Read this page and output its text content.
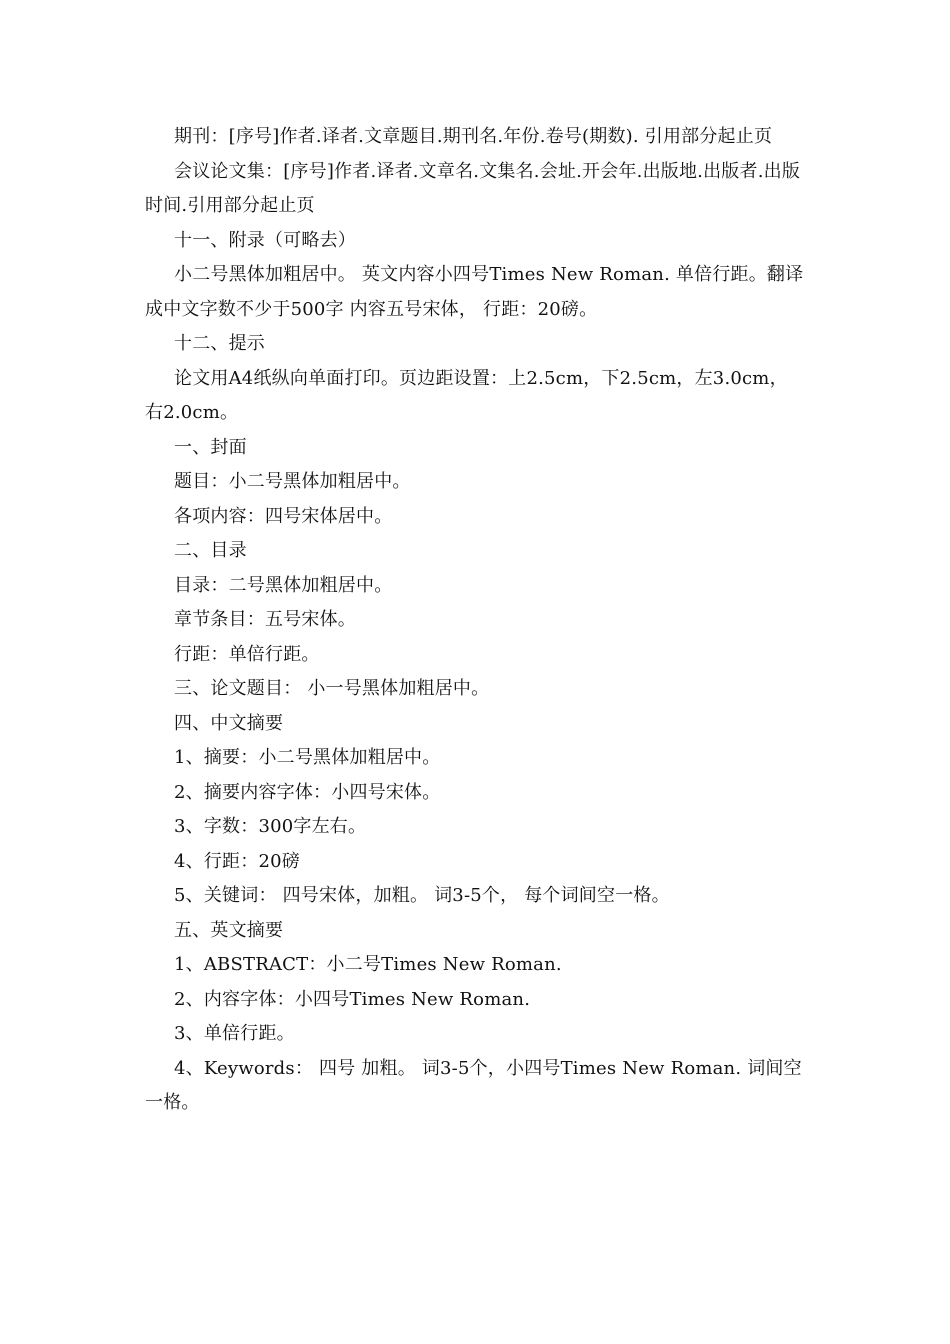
期刊：[序号]作者.译者.文章题目.期刊名.年份.卷号(期数). 引用部分起止页

会议论文集：[序号]作者.译者.文章名.文集名.会址.开会年.出版地.出版者.出版时间.引用部分起止页

十一、附录（可略去）

小二号黑体加粗居中。 英文内容小四号Times New Roman. 单倍行距。翻译成中文字数不少于500字 内容五号宋体， 行距：20磅。

十二、提示

论文用A4纸纵向单面打印。页边距设置：上2.5cm，下2.5cm，左3.0cm，右2.0cm。

一、封面

题目：小二号黑体加粗居中。

各项内容：四号宋体居中。

二、目录

目录：二号黑体加粗居中。

章节条目：五号宋体。

行距：单倍行距。

三、论文题目： 小一号黑体加粗居中。

四、中文摘要

1、摘要：小二号黑体加粗居中。

2、摘要内容字体：小四号宋体。

3、字数：300字左右。

4、行距：20磅

5、关键词： 四号宋体，加粗。 词3-5个， 每个词间空一格。

五、英文摘要

1、ABSTRACT：小二号Times New Roman.

2、内容字体：小四号Times New Roman.

3、单倍行距。

4、Keywords： 四号 加粗。 词3-5个，小四号Times New Roman. 词间空一格。
